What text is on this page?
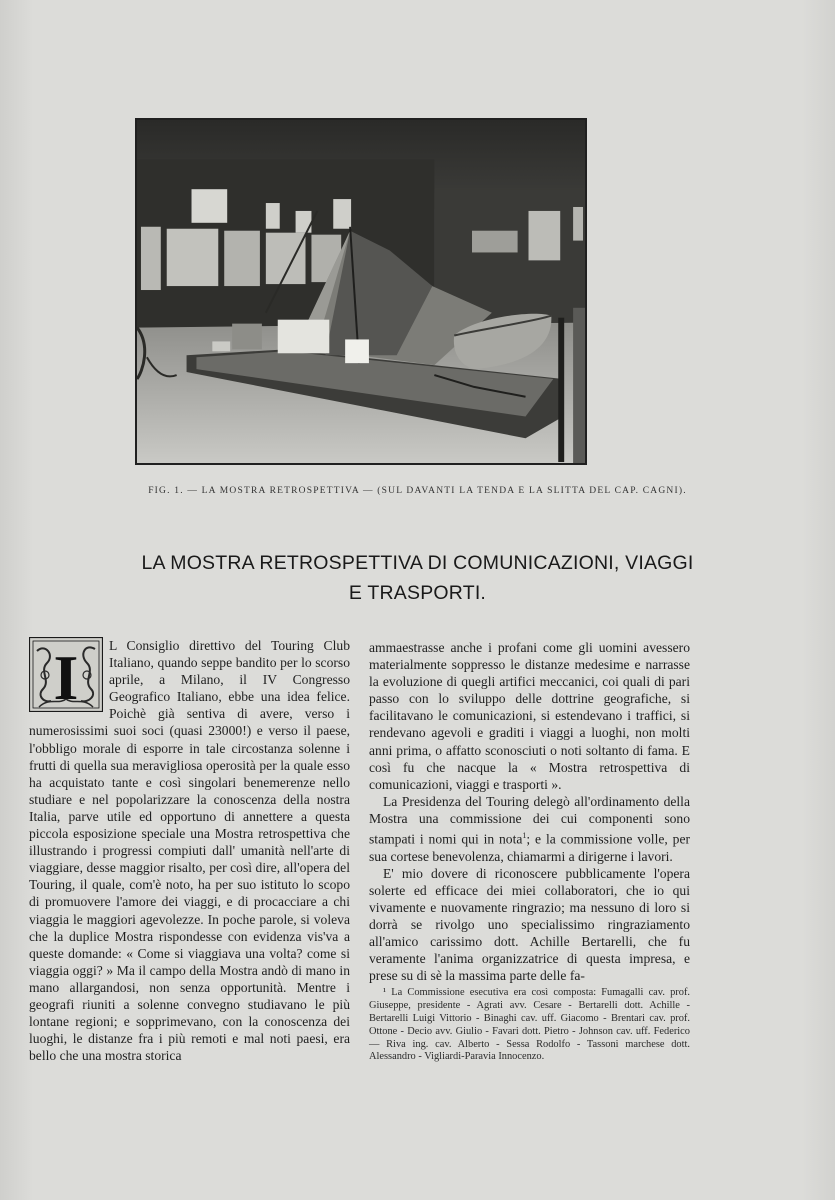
FIG. 1. — LA MOSTRA RETROSPETTIVA — (SUL DAVANTI LA TENDA E LA SLITTA DEL CAP. CAGNI).
LA MOSTRA RETROSPETTIVA DI COMUNICAZIONI, VIAGGI
E TRASPORTI.
I	L Consiglio direttivo del Touring Club Italiano, quando seppe bandito per lo scorso aprile, a Milano, il IV Congresso Geografico Italiano, ebbe una idea felice. Poichè già sentiva di avere, verso i numerosissimi suoi soci (quasi 23000!) e verso il paese, l'obbligo morale di esporre in tale circostanza solenne i frutti di quella sua meravigliosa operosità per la quale esso ha acquistato tante e così singolari benemerenze nello studiare e nel popolarizzare la conoscenza della nostra Italia, parve utile ed opportuno di annettere a questa piccola esposizione speciale una Mostra retrospettiva che illustrando i progressi compiuti dall' umanità nell'arte di viaggiare, desse maggior risalto, per così dire, all'opera del Touring, il quale, com'è noto, ha per suo istituto lo scopo di promuovere l'amore dei viaggi, e di procacciare a chi viaggia le maggiori agevolezze. In poche parole, si voleva che la duplice Mostra rispondesse con evidenza vis'va a queste domande: « Come si viaggiava una volta? come si viaggia oggi? » Ma il campo della Mostra andò di mano in mano allargandosi, non senza opportunità. Mentre i geografi riuniti a solenne convegno studiavano le più lontane regioni; e sopprimevano, con la conoscenza dei luoghi, le distanze fra i più remoti e mal noti paesi, era bello che una mostra storica

ammaestrasse anche i profani come gli uomini avessero materialmente soppresso le distanze medesime e narrasse la evoluzione di quegli artifici meccanici, coi quali di pari passo con lo sviluppo delle dottrine geografiche, si facilitavano le comunicazioni, si estendevano i traffici, si rendevano agevoli e graditi i viaggi a luoghi, non molti anni prima, o affatto sconosciuti o noti soltanto di fama. E così fu che nacque la « Mostra retrospettiva di comunicazioni, viaggi e trasporti ».

La Presidenza del Touring delegò all'ordinamento della Mostra una commissione dei cui componenti sono stampati i nomi qui in nota$^1$; e la commissione volle, per sua cortese benevolenza, chiamarmi a dirigerne i lavori.

E' mio dovere di riconoscere pubblicamente l'opera solerte ed efficace dei miei collaboratori, che io qui vivamente e nuovamente ringrazio; ma nessuno di loro si dorrà se rivolgo uno specialissimo ringraziamento all'amico carissimo dott. Achille Bertarelli, che fu veramente l'anima organizzatrice di questa impresa, e prese su di sè la massima parte delle fa-

¹ La Commissione esecutiva era così composta: Fumagalli cav. prof. Giuseppe, presidente - Agrati avv. Cesare - Bertarelli dott. Achille - Bertarelli Luigi Vittorio - Binaghi cav. uff. Giacomo - Brentari cav. prof. Ottone - Decio avv. Giulio - Favari dott. Pietro - Johnson cav. uff. Federico — Riva ing. cav. Alberto - Sessa Rodolfo - Tassoni marchese dott. Alessandro - Vigliardi-Paravia Innocenzo.
